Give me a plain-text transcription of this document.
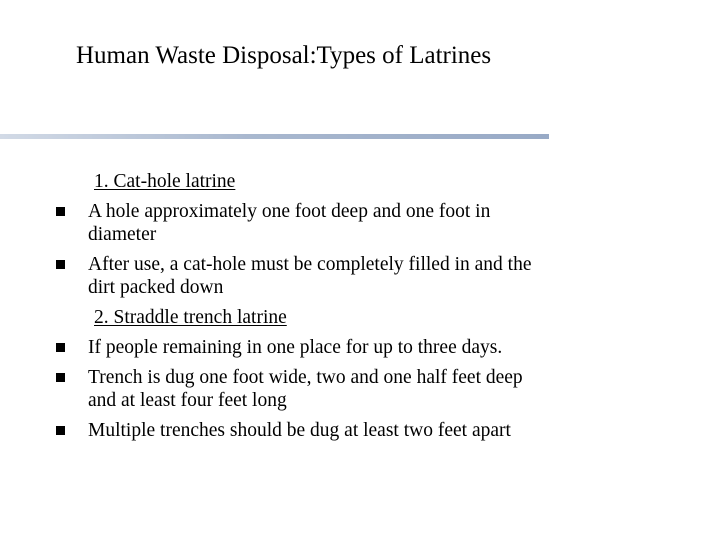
Human Waste Disposal:Types of Latrines
1. Cat-hole latrine
A hole approximately one foot deep and one foot in
diameter
After use, a cat-hole must be completely filled in and the
dirt packed down
2. Straddle trench latrine
If people remaining in one place for up to three days.
Trench is dug one foot wide, two and one half feet deep
and at least four feet long
Multiple trenches should be dug at least two feet apart
